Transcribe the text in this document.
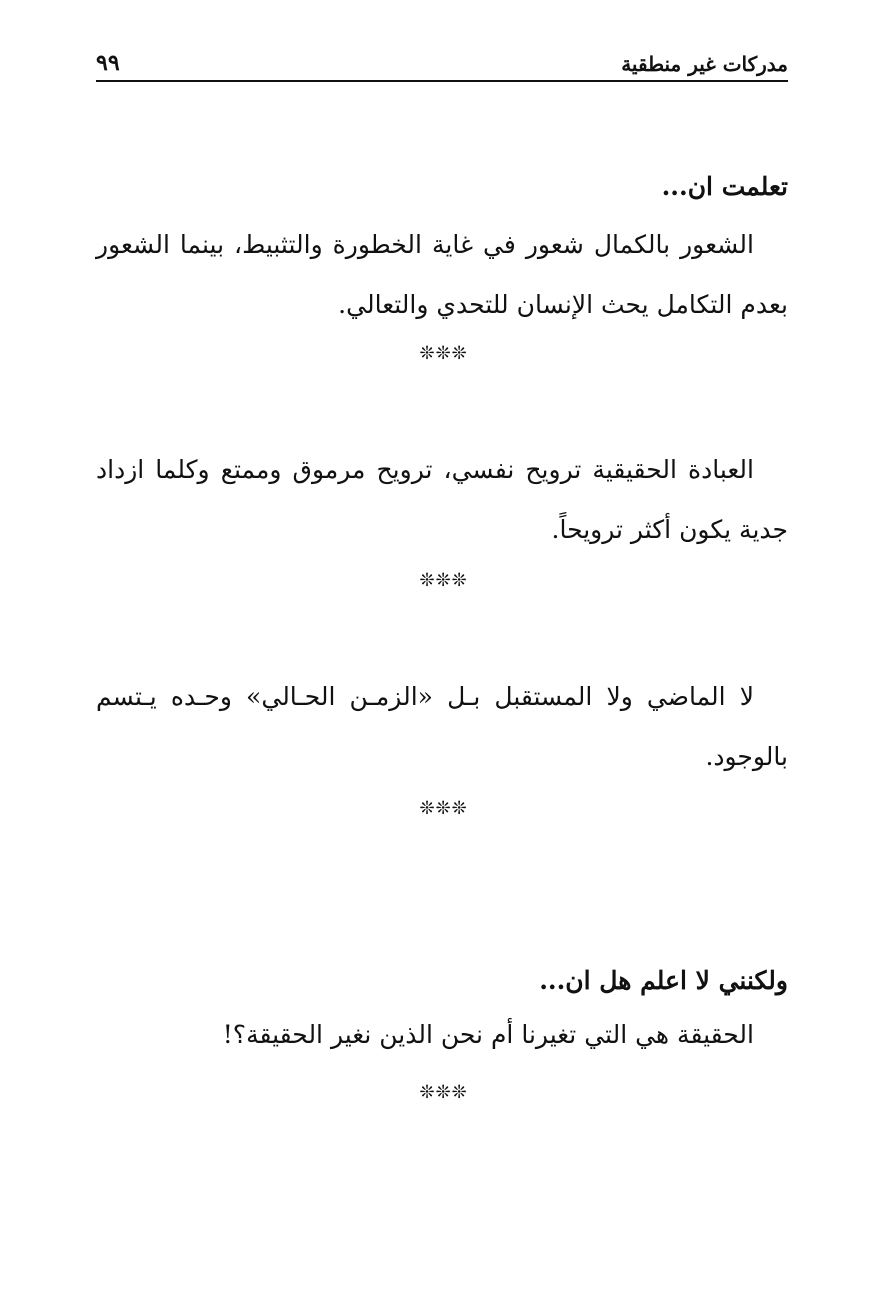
٩٩	مدركات غير منطقية

تعلمت ان...

الشعور بالكمال شعور في غاية الخطورة والتثبيط، بينما الشعور
بعدم التكامل يحث الإنسان للتحدي والتعالي.

❊❊❊

العبادة الحقيقية ترويح نفسي، ترويح مرموق وممتع وكلما ازداد
جدية يكون أكثر ترويحاً.

❊❊❊

لا الماضي ولا المستقبل بـل «الزمـن الحـالي» وحـده يـتسم
بالوجود.

❊❊❊

ولكنني لا اعلم هل ان...

الحقيقة هي التي تغيرنا أم نحن الذين نغير الحقيقة؟!

❊❊❊
